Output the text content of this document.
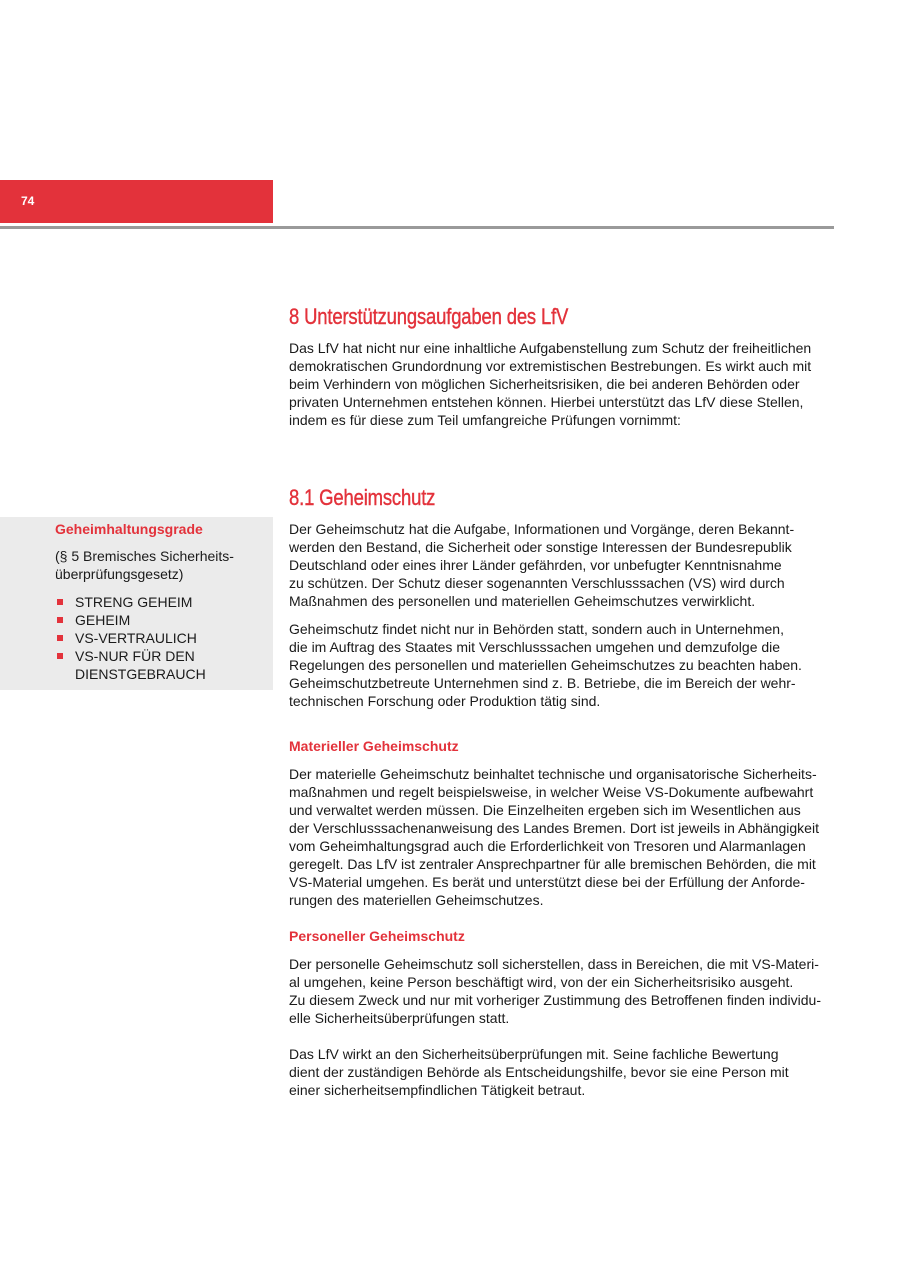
74
Geheimhaltungsgrade

(§ 5 Bremisches Sicherheits-
überprüfungsgesetz)

STRENG GEHEIM
GEHEIM
VS-VERTRAULICH
VS-NUR FÜR DEN
DIENSTGEBRAUCH
8 Unterstützungsaufgaben des LfV

Das LfV hat nicht nur eine inhaltliche Aufgabenstellung zum Schutz der freiheitlichen
demokratischen Grundordnung vor extremistischen Bestrebungen. Es wirkt auch mit
beim Verhindern von möglichen Sicherheitsrisiken, die bei anderen Behörden oder
privaten Unternehmen entstehen können. Hierbei unterstützt das LfV diese Stellen,
indem es für diese zum Teil umfangreiche Prüfungen vornimmt:

8.1 Geheimschutz

Der Geheimschutz hat die Aufgabe, Informationen und Vorgänge, deren Bekannt-
werden den Bestand, die Sicherheit oder sonstige Interessen der Bundesrepublik
Deutschland oder eines ihrer Länder gefährden, vor unbefugter Kenntnisnahme
zu schützen. Der Schutz dieser sogenannten Verschlusssachen (VS) wird durch
Maßnahmen des personellen und materiellen Geheimschutzes verwirklicht.

Geheimschutz findet nicht nur in Behörden statt, sondern auch in Unternehmen,
die im Auftrag des Staates mit Verschlusssachen umgehen und demzufolge die
Regelungen des personellen und materiellen Geheimschutzes zu beachten haben.
Geheimschutzbetreute Unternehmen sind z. B. Betriebe, die im Bereich der wehr-
technischen Forschung oder Produktion tätig sind.

Materieller Geheimschutz

Der materielle Geheimschutz beinhaltet technische und organisatorische Sicherheits-
maßnahmen und regelt beispielsweise, in welcher Weise VS-Dokumente aufbewahrt
und verwaltet werden müssen. Die Einzelheiten ergeben sich im Wesentlichen aus
der Verschlusssachenanweisung des Landes Bremen. Dort ist jeweils in Abhängigkeit
vom Geheimhaltungsgrad auch die Erforderlichkeit von Tresoren und Alarmanlagen
geregelt. Das LfV ist zentraler Ansprechpartner für alle bremischen Behörden, die mit
VS-Material umgehen. Es berät und unterstützt diese bei der Erfüllung der Anforde-
rungen des materiellen Geheimschutzes.

Personeller Geheimschutz

Der personelle Geheimschutz soll sicherstellen, dass in Bereichen, die mit VS-Materi-
al umgehen, keine Person beschäftigt wird, von der ein Sicherheitsrisiko ausgeht.
Zu diesem Zweck und nur mit vorheriger Zustimmung des Betroffenen finden individu-
elle Sicherheitsüberprüfungen statt.

Das LfV wirkt an den Sicherheitsüberprüfungen mit. Seine fachliche Bewertung
dient der zuständigen Behörde als Entscheidungshilfe, bevor sie eine Person mit
einer sicherheitsempfindlichen Tätigkeit betraut.
